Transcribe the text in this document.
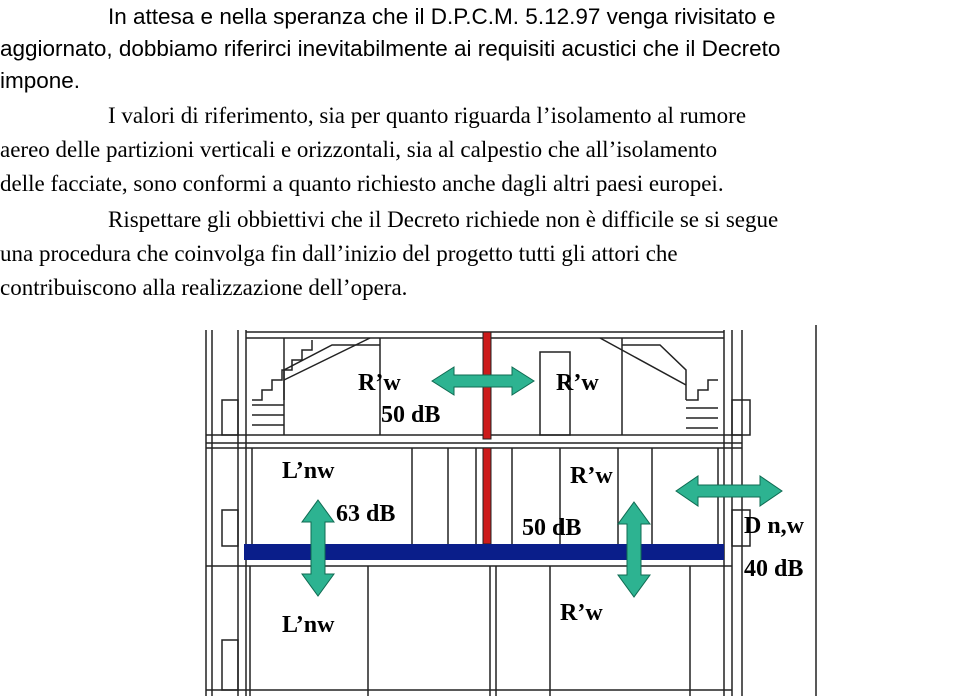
In attesa e nella speranza che il D.P.C.M. 5.12.97 venga rivisitato e
aggiornato, dobbiamo riferirci inevitabilmente ai requisiti acustici che il Decreto
impone.
I valori di riferimento, sia per quanto riguarda l’isolamento al rumore
aereo delle partizioni verticali e orizzontali, sia al calpestio che all’isolamento
delle facciate, sono conformi a quanto richiesto anche dagli altri paesi europei.
Rispettare gli obbiettivi che il Decreto richiede non è difficile se si segue
una procedura che coinvolga fin dall’inizio del progetto tutti gli attori che
contribuiscono alla realizzazione dell’opera.
R’w
50 dB
R’w
L’nw
63 dB
R’w
50 dB	D n,w
40 dB
L’nw	R’w
